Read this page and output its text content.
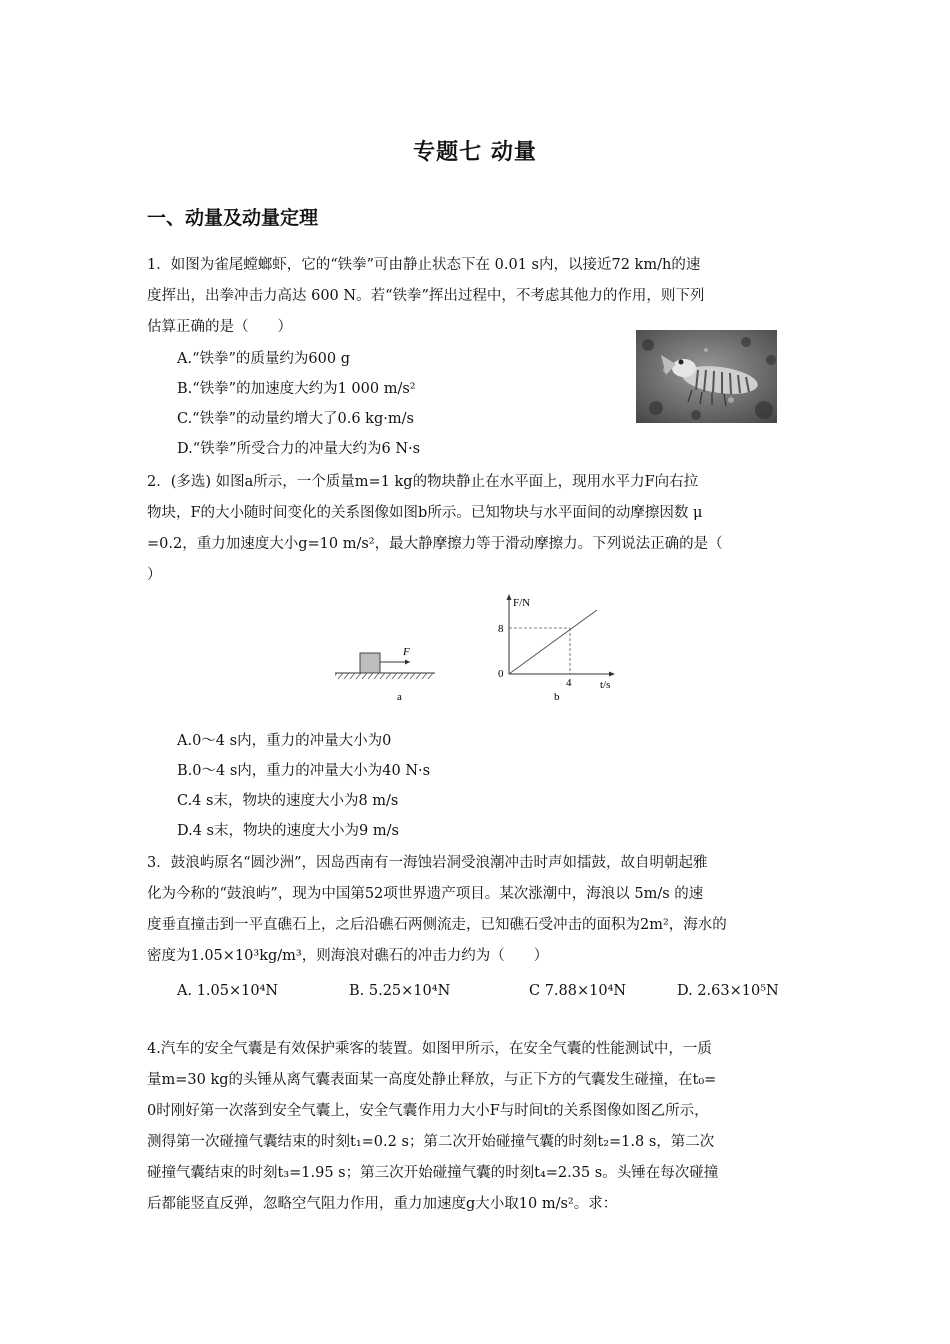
专题七 动量
一、动量及动量定理
1．如图为雀尾螳螂虾，它的“铁拳”可由静止状态下在 0.01 s内，以接近72 km/h的速
度挥出，出拳冲击力高达 600 N。若“铁拳”挥出过程中，不考虑其他力的作用，则下列
估算正确的是（　　）
A.“铁拳”的质量约为600 g
B.“铁拳”的加速度大约为1 000 m/s²
C.“铁拳”的动量约增大了0.6 kg·m/s
D.“铁拳”所受合力的冲量大约为6 N·s
2．(多选) 如图a所示，一个质量m=1 kg的物块静止在水平面上，现用水平力F向右拉
物块，F的大小随时间变化的关系图像如图b所示。已知物块与水平面间的动摩擦因数 μ
=0.2，重力加速度大小g=10 m/s²，最大静摩擦力等于滑动摩擦力。下列说法正确的是（
）
F
a
F/N
t/s
0
8
4
b
A.0～4 s内，重力的冲量大小为0
B.0～4 s内，重力的冲量大小为40 N·s
C.4 s末，物块的速度大小为8 m/s
D.4 s末，物块的速度大小为9 m/s
3．鼓浪屿原名“圆沙洲”，因岛西南有一海蚀岩洞受浪潮冲击时声如擂鼓，故自明朝起雅
化为今称的“鼓浪屿”，现为中国第52项世界遗产项目。某次涨潮中，海浪以 5m/s 的速
度垂直撞击到一平直礁石上，之后沿礁石两侧流走，已知礁石受冲击的面积为2m²，海水的
密度为1.05×10³kg/m³，则海浪对礁石的冲击力约为（　　）
A. 1.05×10⁴N	B. 5.25×10⁴N	C 7.88×10⁴N	D. 2.63×10⁵N
4.汽车的安全气囊是有效保护乘客的装置。如图甲所示，在安全气囊的性能测试中，一质
量m=30 kg的头锤从离气囊表面某一高度处静止释放，与正下方的气囊发生碰撞，在t₀=
0时刚好第一次落到安全气囊上，安全气囊作用力大小F与时间t的关系图像如图乙所示，
测得第一次碰撞气囊结束的时刻t₁=0.2 s；第二次开始碰撞气囊的时刻t₂=1.8 s，第二次
碰撞气囊结束的时刻t₃=1.95 s；第三次开始碰撞气囊的时刻t₄=2.35 s。头锤在每次碰撞
后都能竖直反弹，忽略空气阻力作用，重力加速度g大小取10 m/s²。求：
